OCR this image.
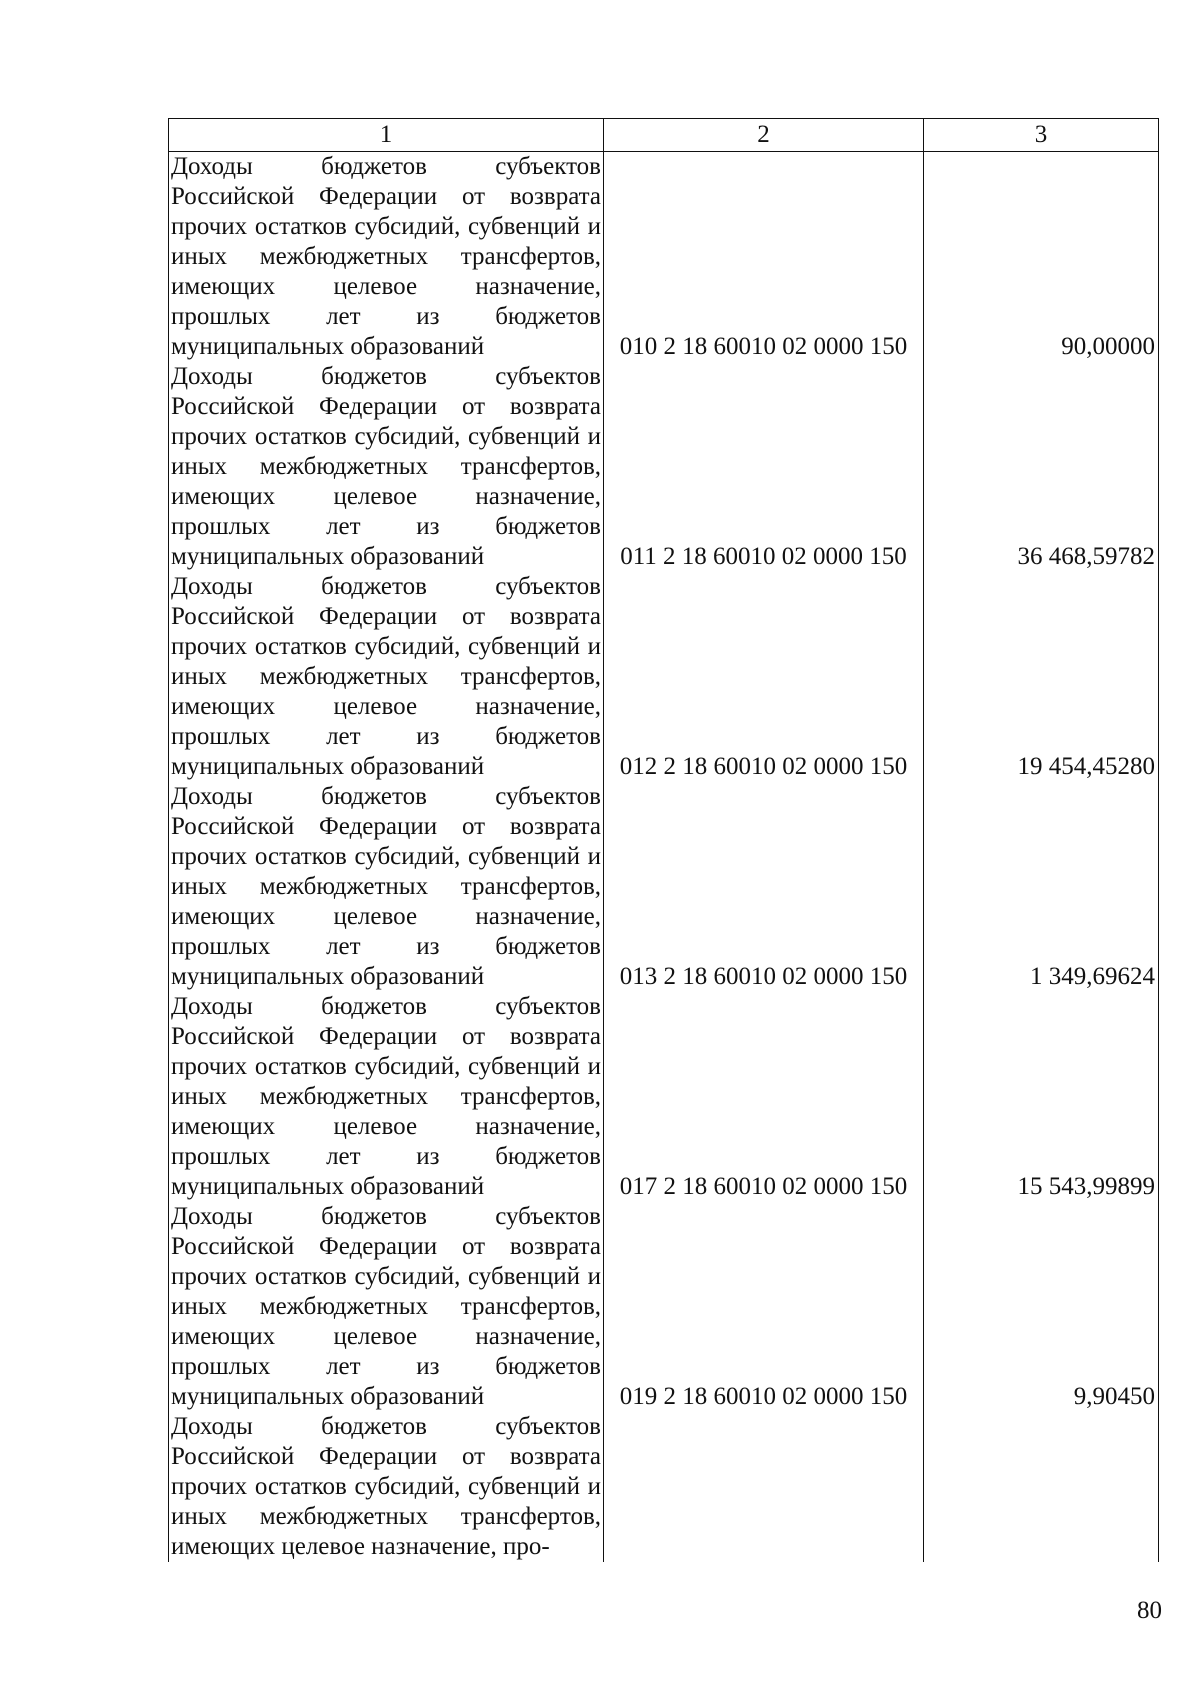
1	2	3

Доходы бюджетов субъектов Российской Федерации от возврата прочих остатков субсидий, субвенций и иных межбюджетных трансфертов, имеющих целевое назначение, прошлых лет из бюджетов муниципальных образований	010 2 18 60010 02 0000 150	90,00000

Доходы бюджетов субъектов Российской Федерации от возврата прочих остатков субсидий, субвенций и иных межбюджетных трансфертов, имеющих целевое назначение, прошлых лет из бюджетов муниципальных образований	011 2 18 60010 02 0000 150	36 468,59782

Доходы бюджетов субъектов Российской Федерации от возврата прочих остатков субсидий, субвенций и иных межбюджетных трансфертов, имеющих целевое назначение, прошлых лет из бюджетов муниципальных образований	012 2 18 60010 02 0000 150	19 454,45280

Доходы бюджетов субъектов Российской Федерации от возврата прочих остатков субсидий, субвенций и иных межбюджетных трансфертов, имеющих целевое назначение, прошлых лет из бюджетов муниципальных образований	013 2 18 60010 02 0000 150	1 349,69624

Доходы бюджетов субъектов Российской Федерации от возврата прочих остатков субсидий, субвенций и иных межбюджетных трансфертов, имеющих целевое назначение, прошлых лет из бюджетов муниципальных образований	017 2 18 60010 02 0000 150	15 543,99899

Доходы бюджетов субъектов Российской Федерации от возврата прочих остатков субсидий, субвенций и иных межбюджетных трансфертов, имеющих целевое назначение, прошлых лет из бюджетов муниципальных образований	019 2 18 60010 02 0000 150	9,90450

Доходы бюджетов субъектов Российской Федерации от возврата прочих остатков субсидий, субвенций и иных межбюджетных трансфертов, имеющих целевое назначение, про-		

80
